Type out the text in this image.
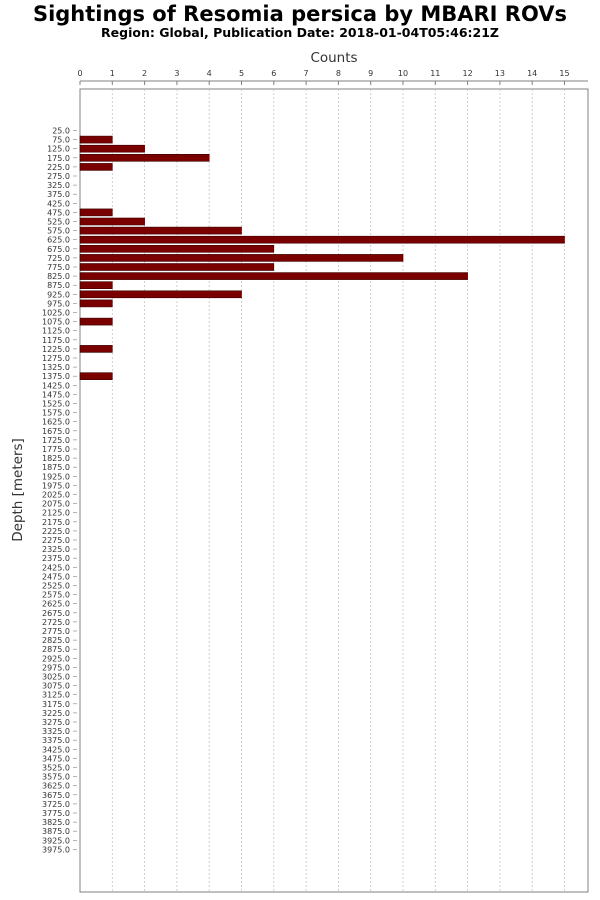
Sightings of Resomia persica by MBARI ROVs
Region: Global, Publication Date: 2018-01-04T05:46:21Z
Counts
Depth [meters]
0	1	2	3	4	5	6	7	8	9	10	11	12	13	14	15
25.0
75.0
125.0
175.0
225.0
275.0
325.0
375.0
425.0
475.0
525.0
575.0
625.0
675.0
725.0
775.0
825.0
875.0
925.0
975.0
1025.0
1075.0
1125.0
1175.0
1225.0
1275.0
1325.0
1375.0
1425.0
1475.0
1525.0
1575.0
1625.0
1675.0
1725.0
1775.0
1825.0
1875.0
1925.0
1975.0
2025.0
2075.0
2125.0
2175.0
2225.0
2275.0
2325.0
2375.0
2425.0
2475.0
2525.0
2575.0
2625.0
2675.0
2725.0
2775.0
2825.0
2875.0
2925.0
2975.0
3025.0
3075.0
3125.0
3175.0
3225.0
3275.0
3325.0
3375.0
3425.0
3475.0
3525.0
3575.0
3625.0
3675.0
3725.0
3775.0
3825.0
3875.0
3925.0
3975.0
